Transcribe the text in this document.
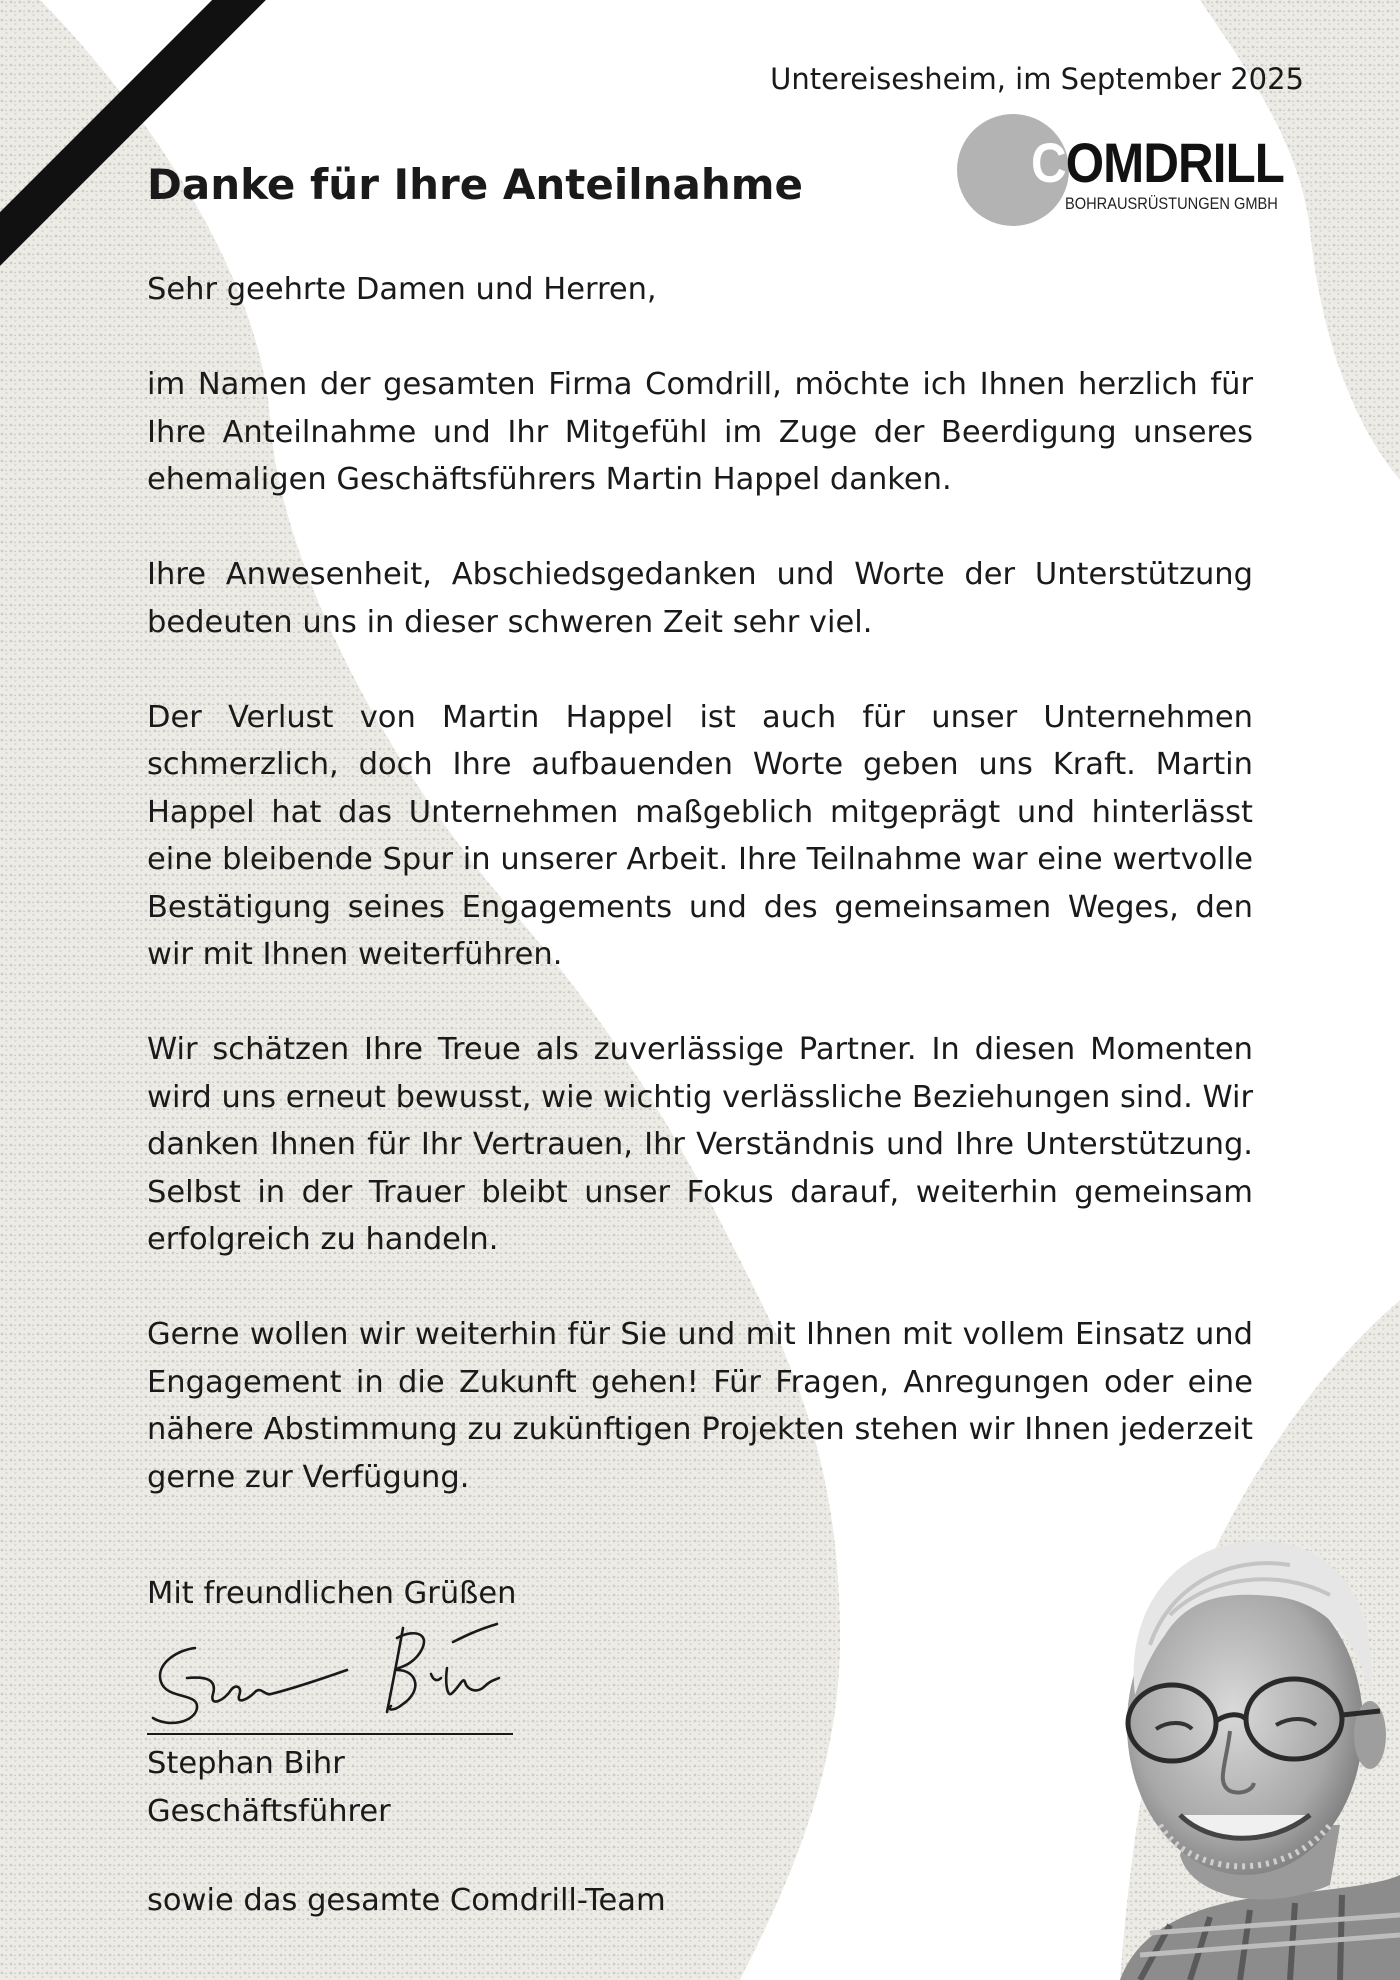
Untereisesheim, im September 2025
COMDRILL
BOHRAUSRÜSTUNGEN GMBH
Danke für Ihre Anteilnahme

Sehr geehrte Damen und Herren,

im Namen der gesamten Firma Comdrill, möchte ich Ihnen herzlich für Ihre Anteilnahme und Ihr Mitgefühl im Zuge der Beerdigung unseres ehemaligen Geschäftsführers Martin Happel danken.

Ihre Anwesenheit, Abschiedsgedanken und Worte der Unterstützung bedeuten uns in dieser schweren Zeit sehr viel.

Der Verlust von Martin Happel ist auch für unser Unternehmen schmerzlich, doch Ihre aufbauenden Worte geben uns Kraft. Martin Happel hat das Unternehmen maßgeblich mitgeprägt und hinterlässt eine bleibende Spur in unserer Arbeit. Ihre Teilnahme war eine wertvolle Bestätigung seines Engagements und des gemeinsamen Weges, den wir mit Ihnen weiterführen.

Wir schätzen Ihre Treue als zuverlässige Partner. In diesen Momenten wird uns erneut bewusst, wie wichtig verlässliche Beziehungen sind. Wir danken Ihnen für Ihr Vertrauen, Ihr Verständnis und Ihre Unterstützung. Selbst in der Trauer bleibt unser Fokus darauf, weiterhin gemeinsam erfolgreich zu handeln.

Gerne wollen wir weiterhin für Sie und mit Ihnen mit vollem Einsatz und Engagement in die Zukunft gehen! Für Fragen, Anregungen oder eine nähere Abstimmung zu zukünftigen Projekten stehen wir Ihnen jederzeit gerne zur Verfügung.

Mit freundlichen Grüßen
Stephan Bihr
Geschäftsführer
sowie das gesamte Comdrill-Team
